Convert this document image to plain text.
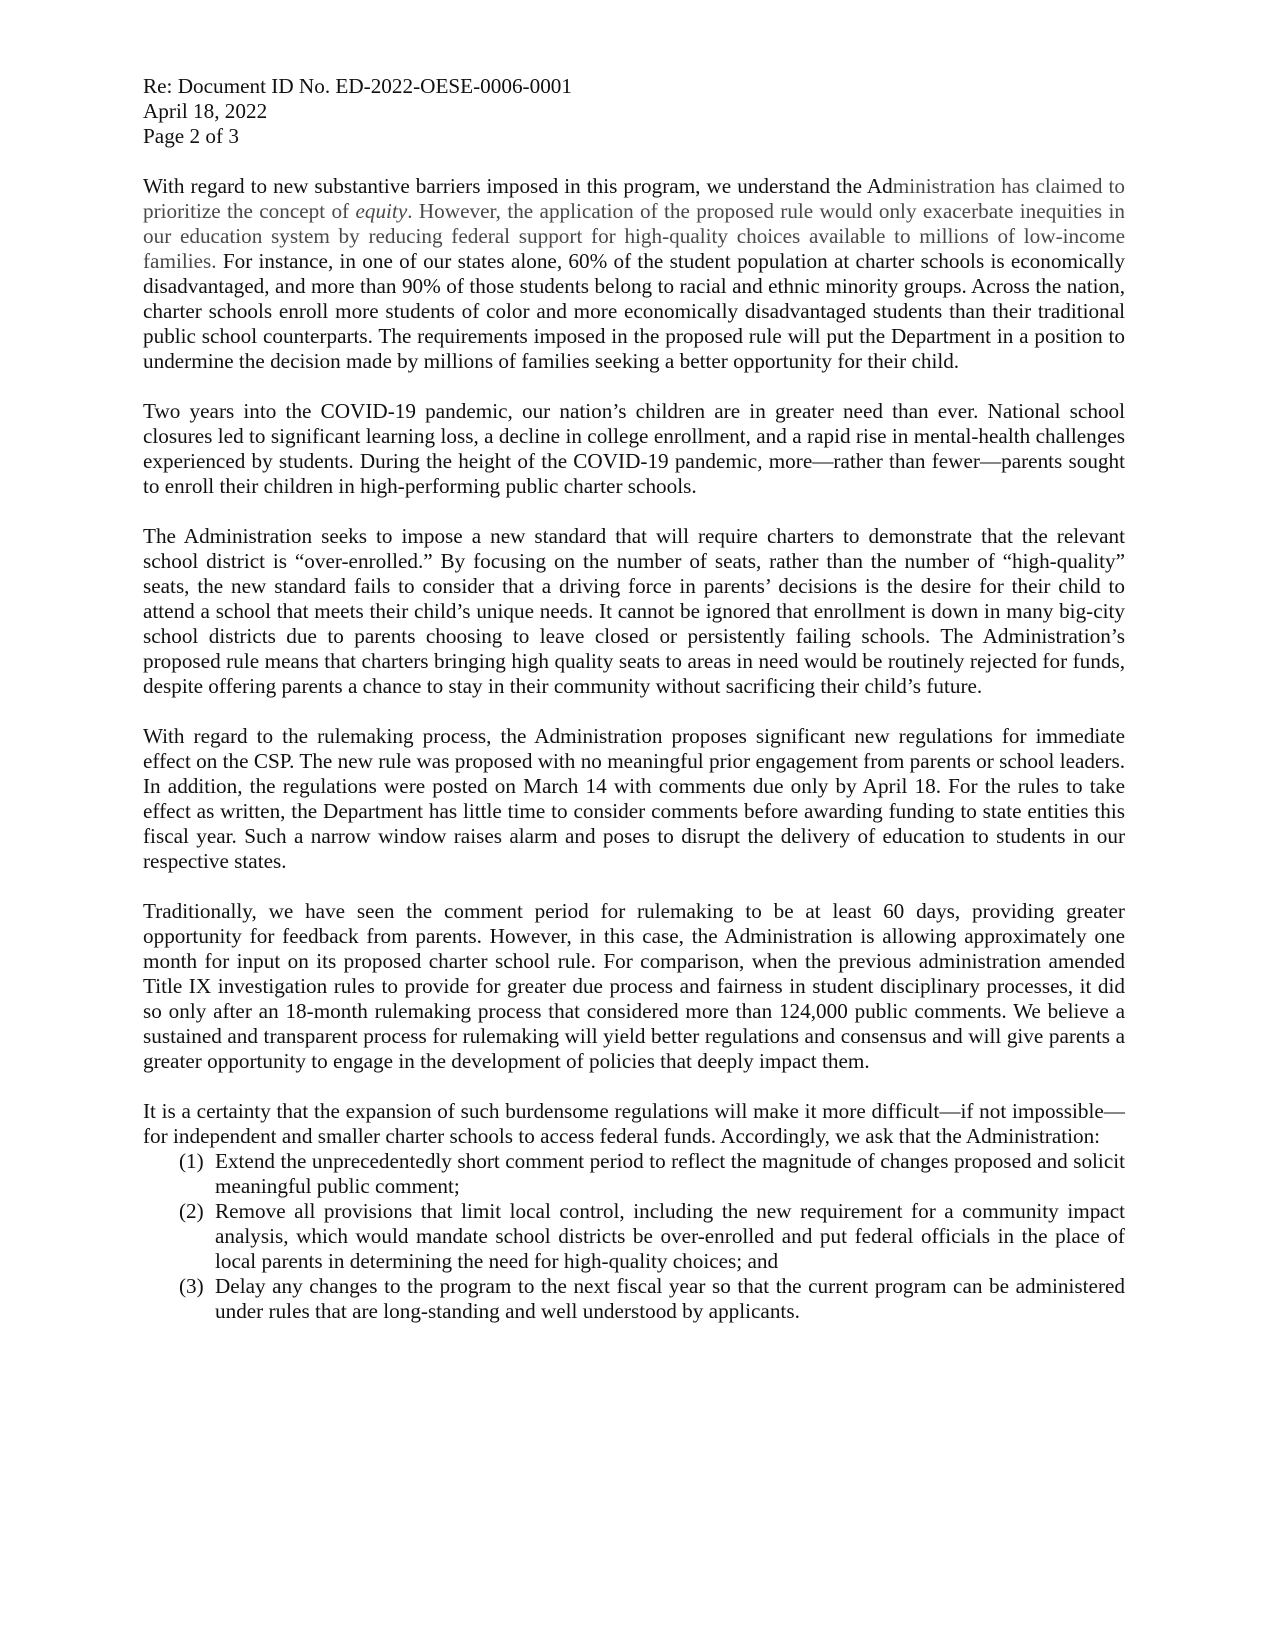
Re: Document ID No. ED-2022-OESE-0006-0001
April 18, 2022
Page 2 of 3

With regard to new substantive barriers imposed in this program, we understand the Administration has claimed to prioritize the concept of equity. However, the application of the proposed rule would only exacerbate inequities in our education system by reducing federal support for high-quality choices available to millions of low-income families. For instance, in one of our states alone, 60% of the student population at charter schools is economically disadvantaged, and more than 90% of those students belong to racial and ethnic minority groups. Across the nation, charter schools enroll more students of color and more economically disadvantaged students than their traditional public school counterparts. The requirements imposed in the proposed rule will put the Department in a position to undermine the decision made by millions of families seeking a better opportunity for their child.

Two years into the COVID-19 pandemic, our nation’s children are in greater need than ever. National school closures led to significant learning loss, a decline in college enrollment, and a rapid rise in mental-health challenges experienced by students. During the height of the COVID-19 pandemic, more—rather than fewer—parents sought to enroll their children in high-performing public charter schools.

The Administration seeks to impose a new standard that will require charters to demonstrate that the relevant school district is “over-enrolled.” By focusing on the number of seats, rather than the number of “high-quality” seats, the new standard fails to consider that a driving force in parents’ decisions is the desire for their child to attend a school that meets their child’s unique needs. It cannot be ignored that enrollment is down in many big-city school districts due to parents choosing to leave closed or persistently failing schools. The Administration’s proposed rule means that charters bringing high quality seats to areas in need would be routinely rejected for funds, despite offering parents a chance to stay in their community without sacrificing their child’s future.

With regard to the rulemaking process, the Administration proposes significant new regulations for immediate effect on the CSP. The new rule was proposed with no meaningful prior engagement from parents or school leaders. In addition, the regulations were posted on March 14 with comments due only by April 18. For the rules to take effect as written, the Department has little time to consider comments before awarding funding to state entities this fiscal year. Such a narrow window raises alarm and poses to disrupt the delivery of education to students in our respective states.

Traditionally, we have seen the comment period for rulemaking to be at least 60 days, providing greater opportunity for feedback from parents. However, in this case, the Administration is allowing approximately one month for input on its proposed charter school rule. For comparison, when the previous administration amended Title IX investigation rules to provide for greater due process and fairness in student disciplinary processes, it did so only after an 18-month rulemaking process that considered more than 124,000 public comments. We believe a sustained and transparent process for rulemaking will yield better regulations and consensus and will give parents a greater opportunity to engage in the development of policies that deeply impact them.

It is a certainty that the expansion of such burdensome regulations will make it more difficult—if not impossible—for independent and smaller charter schools to access federal funds. Accordingly, we ask that the Administration:

(1) Extend the unprecedentedly short comment period to reflect the magnitude of changes proposed and solicit meaningful public comment;
(2) Remove all provisions that limit local control, including the new requirement for a community impact analysis, which would mandate school districts be over-enrolled and put federal officials in the place of local parents in determining the need for high-quality choices; and
(3) Delay any changes to the program to the next fiscal year so that the current program can be administered under rules that are long-standing and well understood by applicants.
